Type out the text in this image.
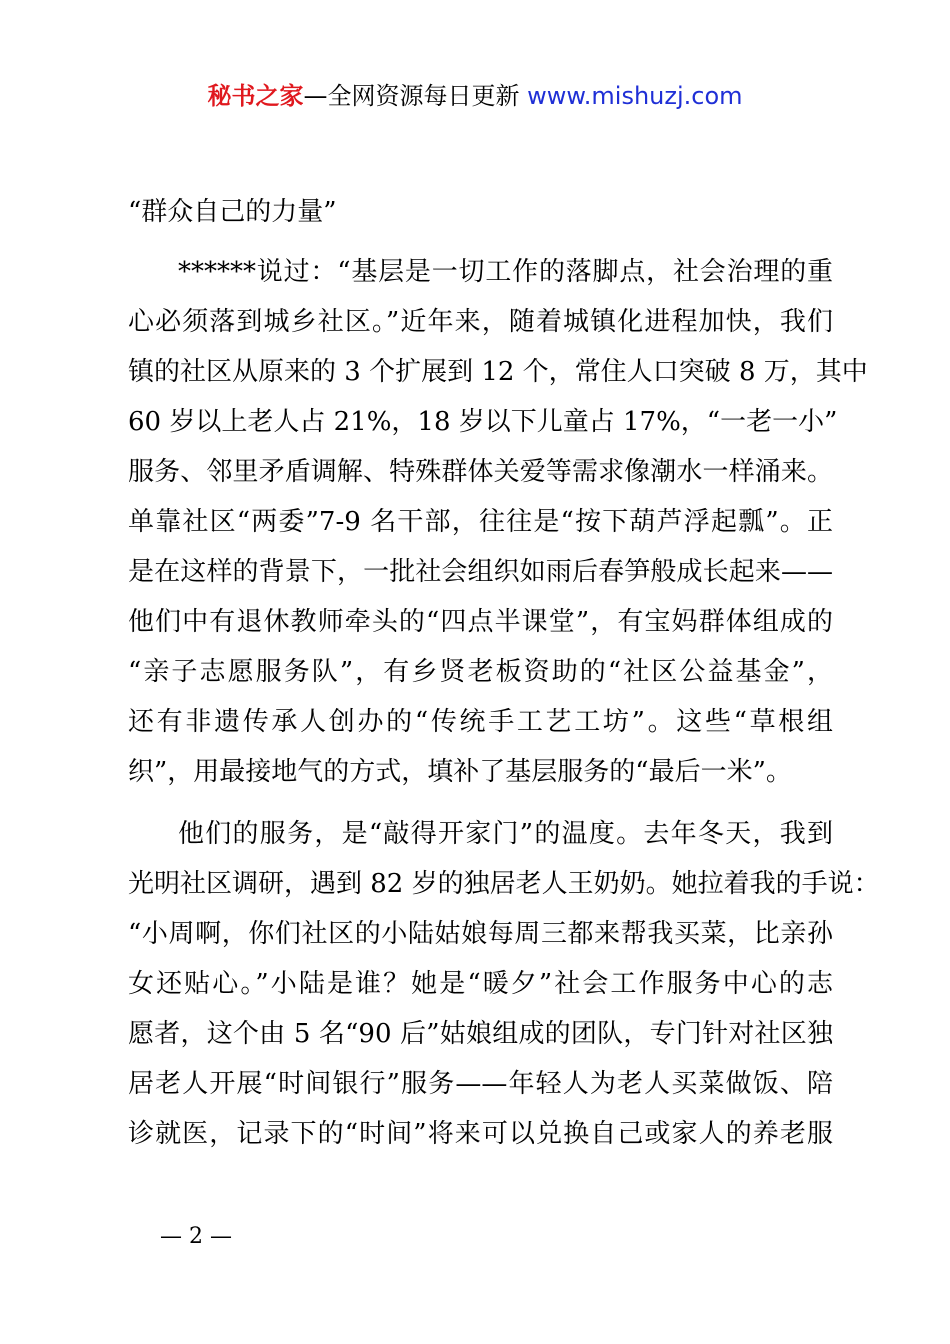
秘书之家—全网资源每日更新 www.mishuzj.com
“群众自己的力量”
******说过：“基层是一切工作的落脚点，社会治理的重
心必须落到城乡社区。”近年来，随着城镇化进程加快，我们
镇的社区从原来的 3 个扩展到 12 个，常住人口突破 8 万，其中
60 岁以上老人占 21%，18 岁以下儿童占 17%，“一老一小”
服务、邻里矛盾调解、特殊群体关爱等需求像潮水一样涌来。
单靠社区“两委”7-9 名干部，往往是“按下葫芦浮起瓢”。正
是在这样的背景下，一批社会组织如雨后春笋般成长起来——
他们中有退休教师牵头的“四点半课堂”，有宝妈群体组成的
“亲子志愿服务队”，有乡贤老板资助的“社区公益基金”，
还有非遗传承人创办的“传统手工艺工坊”。这些“草根组
织”，用最接地气的方式，填补了基层服务的“最后一米”。
他们的服务，是“敲得开家门”的温度。去年冬天，我到
光明社区调研，遇到 82 岁的独居老人王奶奶。她拉着我的手说：
“小周啊，你们社区的小陆姑娘每周三都来帮我买菜，比亲孙
女还贴心。”小陆是谁？她是“暖夕”社会工作服务中心的志
愿者，这个由 5 名“90 后”姑娘组成的团队，专门针对社区独
居老人开展“时间银行”服务——年轻人为老人买菜做饭、陪
诊就医，记录下的“时间”将来可以兑换自己或家人的养老服
— 2 —
